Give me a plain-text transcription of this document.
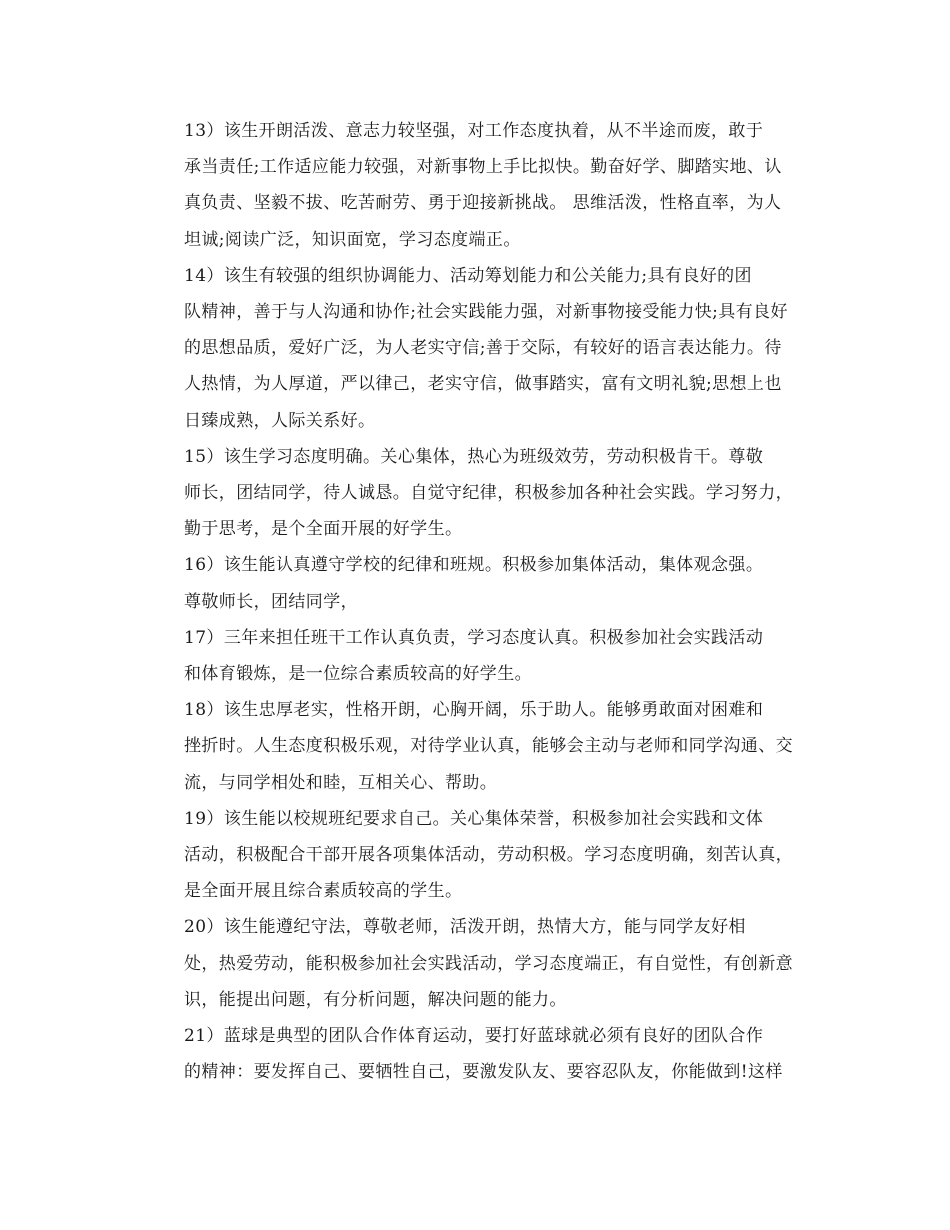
13）该生开朗活泼、意志力较坚强，对工作态度执着，从不半途而废，敢于
承当责任;工作适应能力较强，对新事物上手比拟快。勤奋好学、脚踏实地、认
真负责、坚毅不拔、吃苦耐劳、勇于迎接新挑战。 思维活泼，性格直率，为人
坦诚;阅读广泛，知识面宽，学习态度端正。
14）该生有较强的组织协调能力、活动筹划能力和公关能力;具有良好的团
队精神，善于与人沟通和协作;社会实践能力强，对新事物接受能力快;具有良好
的思想品质，爱好广泛，为人老实守信;善于交际，有较好的语言表达能力。待
人热情，为人厚道，严以律己，老实守信，做事踏实，富有文明礼貌;思想上也
日臻成熟，人际关系好。
15）该生学习态度明确。关心集体，热心为班级效劳，劳动积极肯干。尊敬
师长，团结同学，待人诚恳。自觉守纪律，积极参加各种社会实践。学习努力，
勤于思考，是个全面开展的好学生。
16）该生能认真遵守学校的纪律和班规。积极参加集体活动，集体观念强。
尊敬师长，团结同学，
17）三年来担任班干工作认真负责，学习态度认真。积极参加社会实践活动
和体育锻炼，是一位综合素质较高的好学生。
18）该生忠厚老实，性格开朗，心胸开阔，乐于助人。能够勇敢面对困难和
挫折时。人生态度积极乐观，对待学业认真，能够会主动与老师和同学沟通、交
流，与同学相处和睦，互相关心、帮助。
19）该生能以校规班纪要求自己。关心集体荣誉，积极参加社会实践和文体
活动，积极配合干部开展各项集体活动，劳动积极。学习态度明确，刻苦认真，
是全面开展且综合素质较高的学生。
20）该生能遵纪守法，尊敬老师，活泼开朗，热情大方，能与同学友好相
处，热爱劳动，能积极参加社会实践活动，学习态度端正，有自觉性，有创新意
识，能提出问题，有分析问题，解决问题的能力。
21）蓝球是典型的团队合作体育运动，要打好蓝球就必须有良好的团队合作
的精神：要发挥自己、要牺牲自己，要激发队友、要容忍队友，你能做到!这样
